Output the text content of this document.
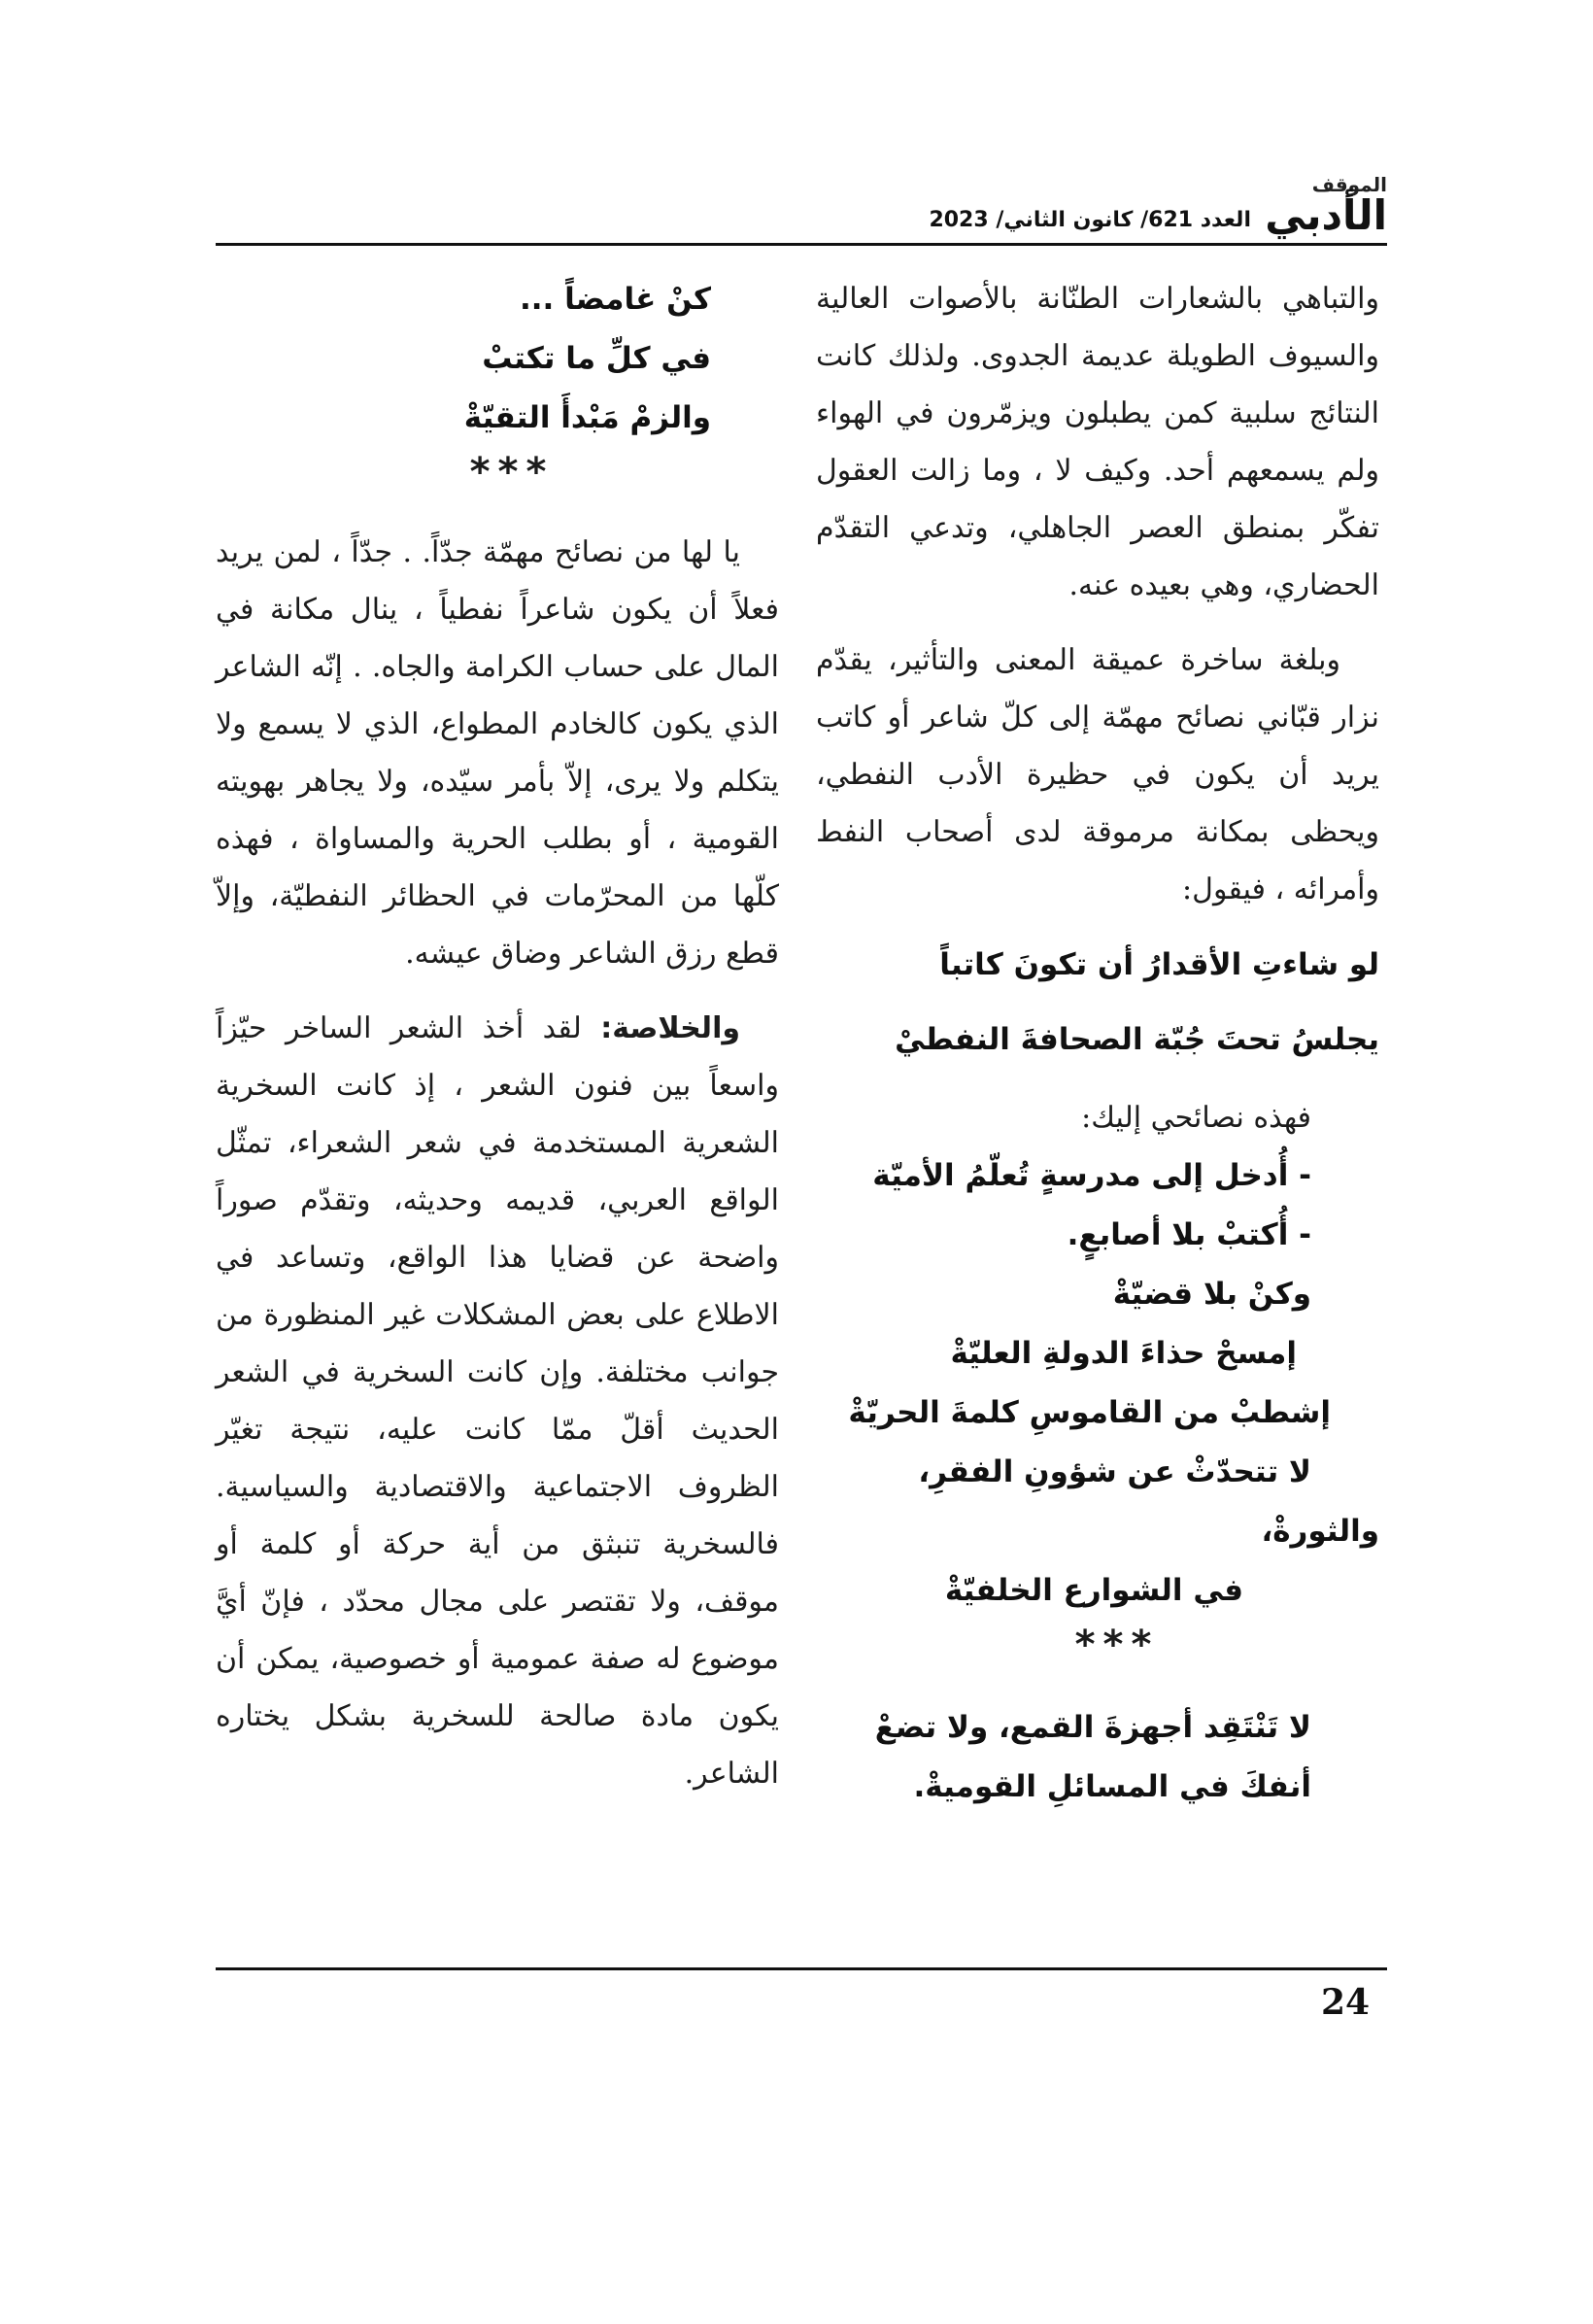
الموقف
الأدبي
العدد 621/ كانون الثاني/ 2023

والتباهي بالشعارات الطنّانة بالأصوات العالية والسيوف الطويلة عديمة الجدوى. ولذلك كانت النتائج سلبية كمن يطبلون ويزمّرون في الهواء ولم يسمعهم أحد. وكيف لا ، وما زالت العقول تفكّر بمنطق العصر الجاهلي، وتدعي التقدّم الحضاري، وهي بعيده عنه.

وبلغة ساخرة عميقة المعنى والتأثير، يقدّم نزار قبّاني نصائح مهمّة إلى كلّ شاعر أو كاتب يريد أن يكون في حظيرة الأدب النفطي، ويحظى بمكانة مرموقة لدى أصحاب النفط وأمرائه ، فيقول:

لو شاءتِ الأقدارُ أن تكونَ كاتباً

يجلسُ تحتَ جُبّة الصحافةَ النفطيْ

فهذه نصائحي إليك:

- أُدخل إلى مدرسةٍ تُعلّمُ الأميّة

- أُكتبْ بلا أصابعٍ.

وكنْ بلا قضيّةْ

إمسحْ حذاءَ الدولةِ العليّةْ

إشطبْ من القاموسِ كلمةَ الحريّةْ

لا تتحدّثْ عن شؤونِ الفقرِ،

والثورةْ،

في الشوارع الخلفيّةْ

***

لا تَنْتَقِد أجهزةَ القمع، ولا تضعْ

أنفكَ في المسائلِ القوميةْ.

كنْ غامضاً ...

في كلِّ ما تكتبْ

والزمْ مَبْدأَ التقيّةْ

***

يا لها من نصائح مهمّة جدّاً. . جدّاً ، لمن يريد فعلاً أن يكون شاعراً نفطياً ، ينال مكانة في المال على حساب الكرامة والجاه. . إنّه الشاعر الذي يكون كالخادم المطواع، الذي لا يسمع ولا يتكلم ولا يرى، إلاّ بأمر سيّده، ولا يجاهر بهويته القومية ، أو بطلب الحرية والمساواة ، فهذه كلّها من المحرّمات في الحظائر النفطيّة، وإلاّ قطع رزق الشاعر وضاق عيشه.

والخلاصة: لقد أخذ الشعر الساخر حيّزاً واسعاً بين فنون الشعر ، إذ كانت السخرية الشعرية المستخدمة في شعر الشعراء، تمثّل الواقع العربي، قديمه وحديثه، وتقدّم صوراً واضحة عن قضايا هذا الواقع، وتساعد في الاطلاع على بعض المشكلات غير المنظورة من جوانب مختلفة. وإن كانت السخرية في الشعر الحديث أقلّ ممّا كانت عليه، نتيجة تغيّر الظروف الاجتماعية والاقتصادية والسياسية. فالسخرية تنبثق من أية حركة أو كلمة أو موقف، ولا تقتصر على مجال محدّد ، فإنّ أيَّ موضوع له صفة عمومية أو خصوصية، يمكن أن يكون مادة صالحة للسخرية بشكل يختاره الشاعر.

24
